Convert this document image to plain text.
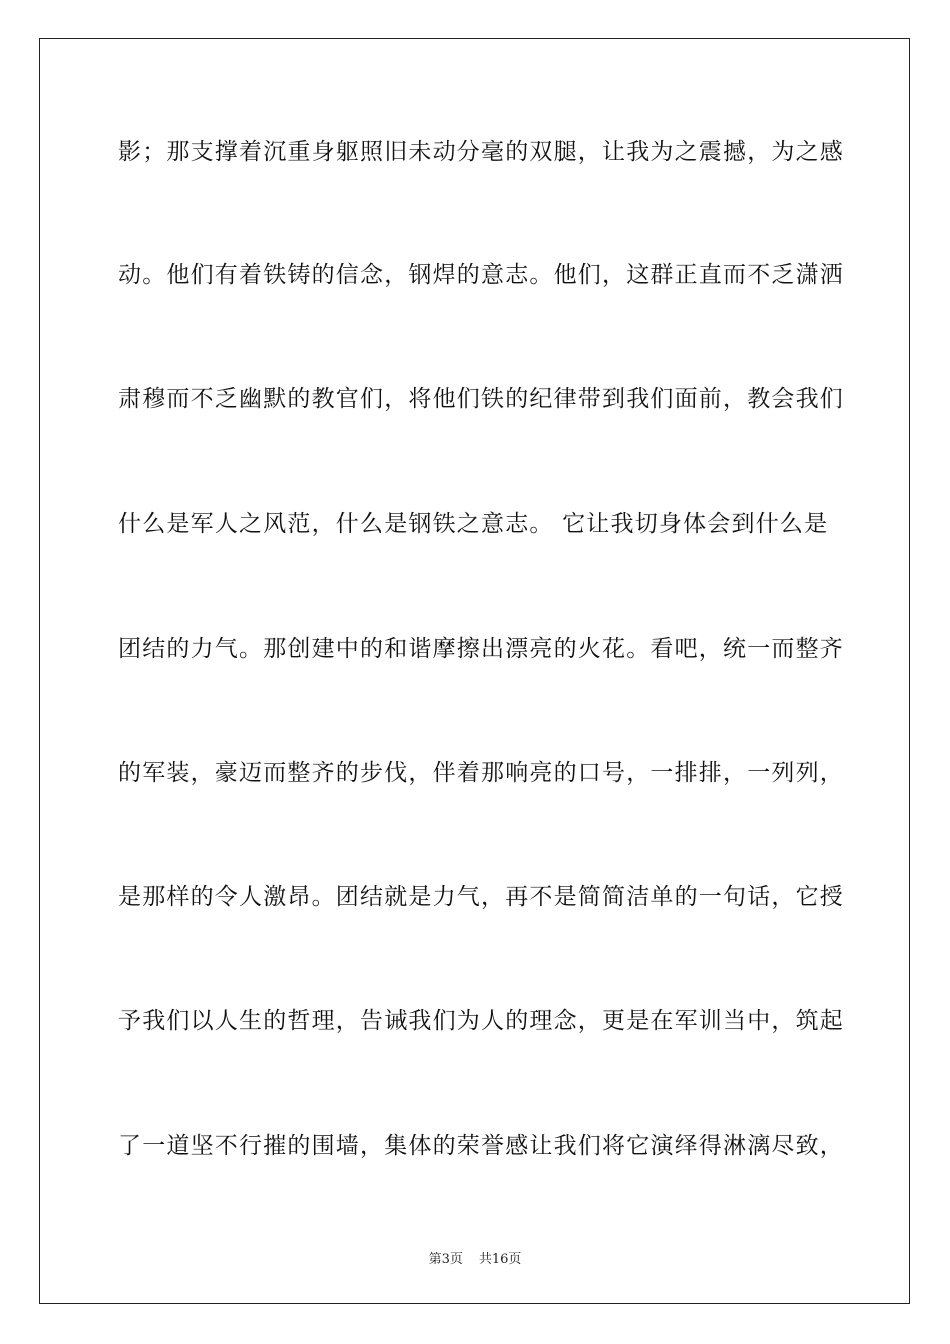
影；那支撑着沉重身躯照旧未动分毫的双腿，让我为之震撼，为之感
动。他们有着铁铸的信念，钢焊的意志。他们，这群正直而不乏潇洒
肃穆而不乏幽默的教官们，将他们铁的纪律带到我们面前，教会我们
什么是军人之风范，什么是钢铁之意志。 它让我切身体会到什么是
团结的力气。那创建中的和谐摩擦出漂亮的火花。看吧，统一而整齐
的军装，豪迈而整齐的步伐，伴着那响亮的口号，一排排，一列列，
是那样的令人激昂。团结就是力气，再不是简简洁单的一句话，它授
予我们以人生的哲理，告诫我们为人的理念，更是在军训当中，筑起
了一道坚不行摧的围墙，集体的荣誉感让我们将它演绎得淋漓尽致，
第3页 共16页
